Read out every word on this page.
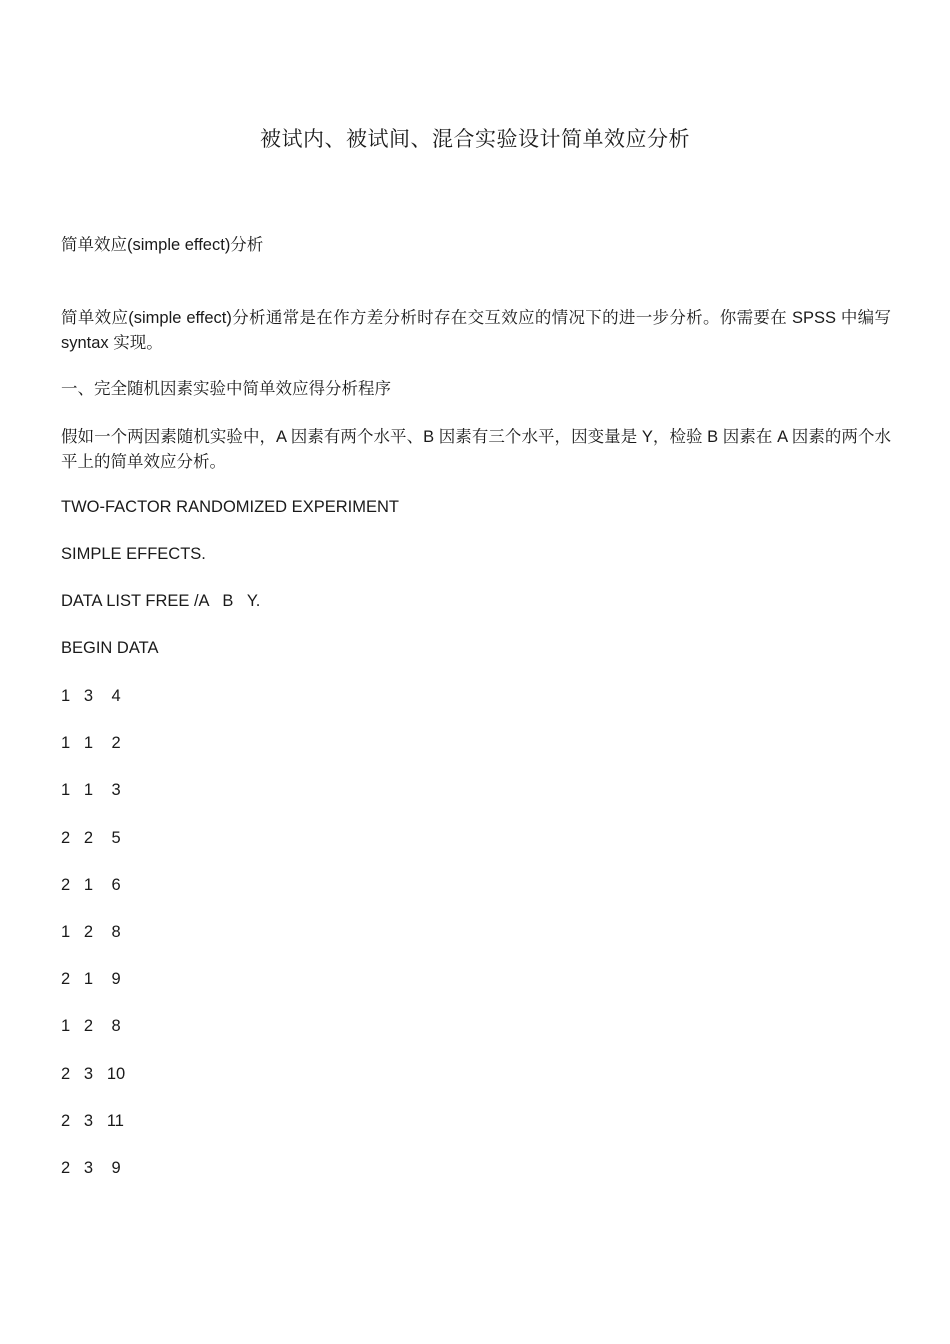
被试内、被试间、混合实验设计简单效应分析

简单效应(simple effect)分析

简单效应(simple effect)分析通常是在作方差分析时存在交互效应的情况下的进一步分析。你需要在 SPSS 中编写 syntax 实现。

一、完全随机因素实验中简单效应得分析程序

假如一个两因素随机实验中，A 因素有两个水平、B 因素有三个水平，因变量是 Y，检验 B 因素在 A 因素的两个水平上的简单效应分析。

TWO-FACTOR RANDOMIZED EXPERIMENT

SIMPLE EFFECTS.

DATA LIST FREE /A   B   Y.

BEGIN DATA

1   3    4

1   1    2

1   1    3

2   2    5

2   1    6

1   2    8

2   1    9

1   2    8

2   3   10

2   3   11

2   3    9
